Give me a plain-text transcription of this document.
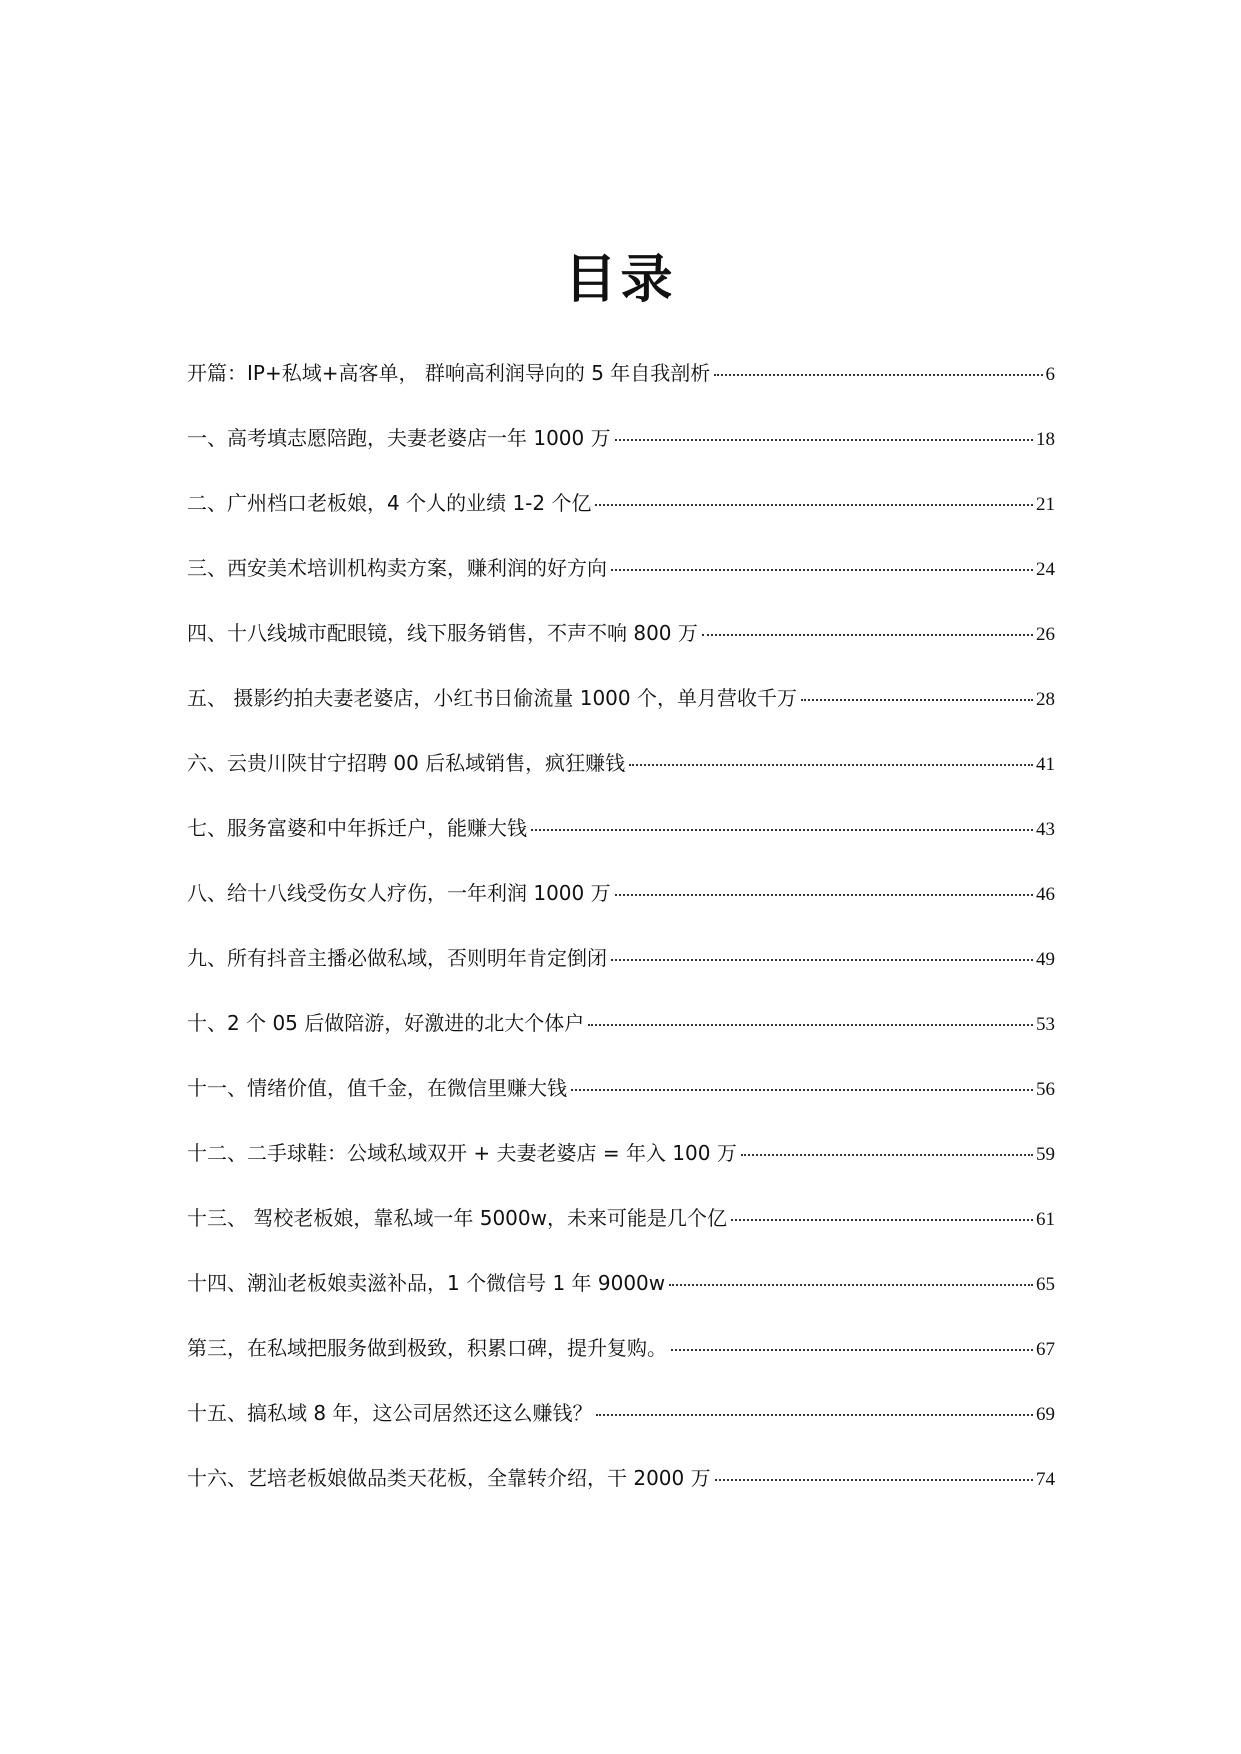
目录
开篇：IP+私域+高客单， 群响高利润导向的 5 年自我剖析	6
一、高考填志愿陪跑，夫妻老婆店一年 1000 万	18
二、广州档口老板娘，4 个人的业绩 1-2 个亿	21
三、西安美术培训机构卖方案，赚利润的好方向	24
四、十八线城市配眼镜，线下服务销售，不声不响 800 万	26
五、 摄影约拍夫妻老婆店，小红书日偷流量 1000 个，单月营收千万	28
六、云贵川陕甘宁招聘 00 后私域销售，疯狂赚钱	41
七、服务富婆和中年拆迁户，能赚大钱	43
八、给十八线受伤女人疗伤，一年利润 1000 万	46
九、所有抖音主播必做私域，否则明年肯定倒闭	49
十、2 个 05 后做陪游，好激进的北大个体户	53
十一、情绪价值，值千金，在微信里赚大钱	56
十二、二手球鞋：公域私域双开 + 夫妻老婆店 = 年入 100 万	59
十三、 驾校老板娘，靠私域一年 5000w，未来可能是几个亿	61
十四、潮汕老板娘卖滋补品，1 个微信号 1 年 9000w	65
第三，在私域把服务做到极致，积累口碑，提升复购。	67
十五、搞私域 8 年，这公司居然还这么赚钱？	69
十六、艺培老板娘做品类天花板，全靠转介绍，干 2000 万	74
